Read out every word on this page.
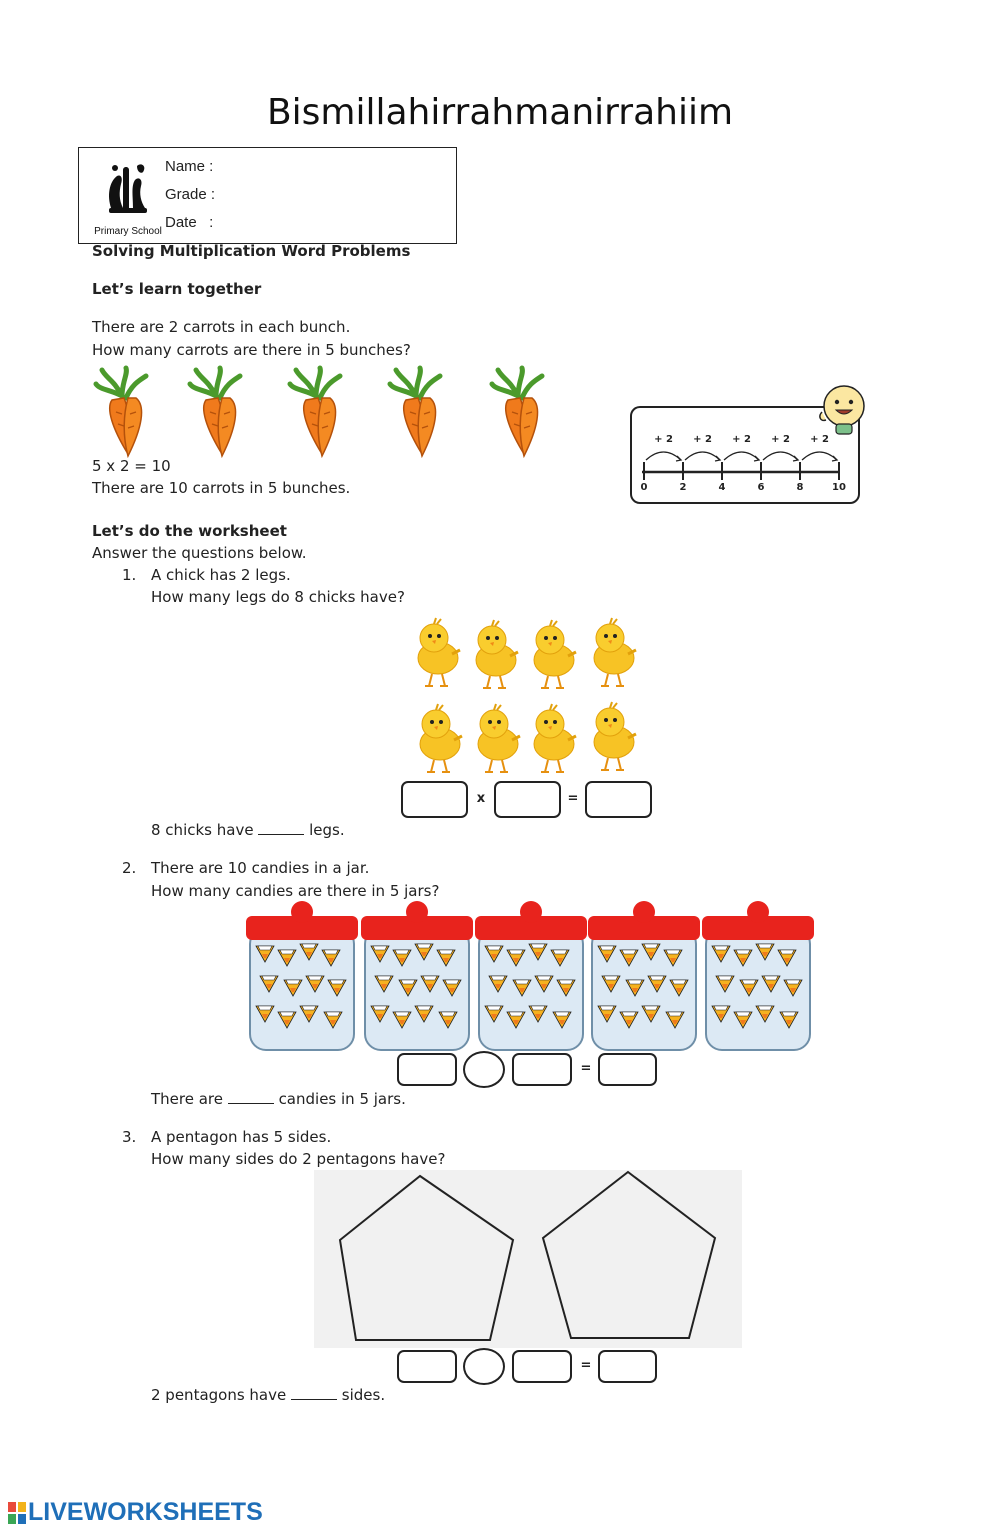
Bismillahirrahmanirrahiim
Primary School
Name :
Grade :
Date   :
Solving Multiplication Word Problems
Let’s learn together
There are 2 carrots in each bunch.
How many carrots are there in 5 bunches?
5 x 2 = 10
There are 10 carrots in 5 bunches.
+ 2 + 2 + 2 + 2 + 2
0	2	4	6	8	10
Let’s do the worksheet
Answer the questions below.
1. A chick has 2 legs.
How many legs do 8 chicks have?
x	=
8 chicks have	legs.
2. There are 10 candies in a jar.
How many candies are there in 5 jars?
=
There are	candies in 5 jars.
3. A pentagon has 5 sides.
How many sides do 2 pentagons have?
=
2 pentagons have	sides.
LIVEWORKSHEETS
